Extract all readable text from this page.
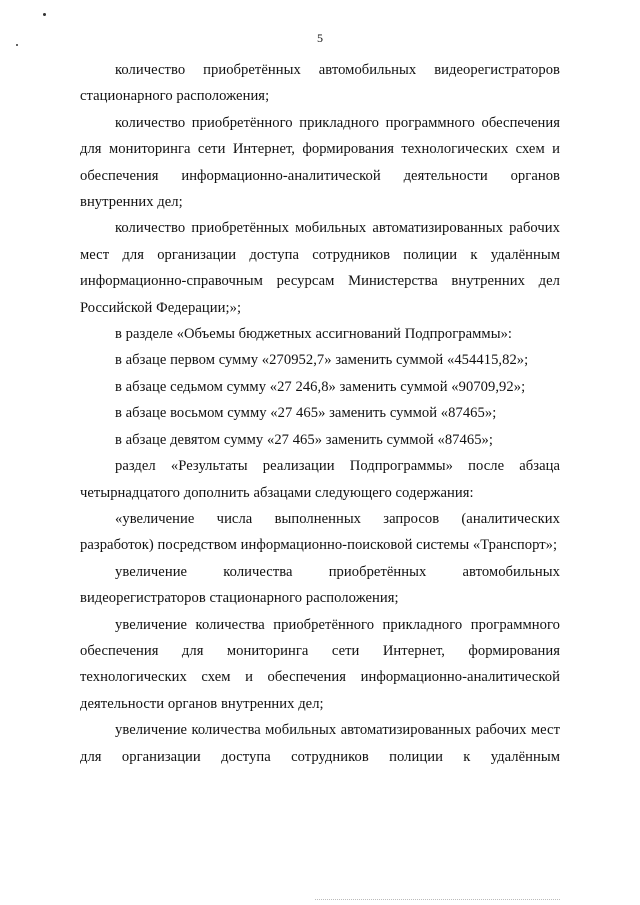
5

количество приобретённых автомобильных видеорегистраторов стационарного расположения;

количество приобретённого прикладного программного обеспечения для мониторинга сети Интернет, формирования технологических схем и обеспечения информационно-аналитической деятельности органов внутренних дел;

количество приобретённых мобильных автоматизированных рабочих мест для организации доступа сотрудников полиции к удалённым информационно-справочным ресурсам Министерства внутренних дел Российской Федерации;»;

в разделе «Объемы бюджетных ассигнований Подпрограммы»:

в абзаце первом сумму «270952,7» заменить суммой «454415,82»;

в абзаце седьмом сумму «27 246,8» заменить суммой «90709,92»;

в абзаце восьмом сумму «27 465» заменить суммой «87465»;

в абзаце девятом сумму «27 465» заменить суммой «87465»;

раздел «Результаты реализации Подпрограммы» после абзаца четырнадцатого дополнить абзацами следующего содержания:

«увеличение числа выполненных запросов (аналитических разработок) посредством информационно-поисковой системы «Транспорт»;

увеличение количества приобретённых автомобильных видеорегистраторов стационарного расположения;

увеличение количества приобретённого прикладного программного обеспечения для мониторинга сети Интернет, формирования технологических схем и обеспечения информационно-аналитической деятельности органов внутренних дел;

увеличение количества мобильных автоматизированных рабочих мест для организации доступа сотрудников полиции к удалённым
